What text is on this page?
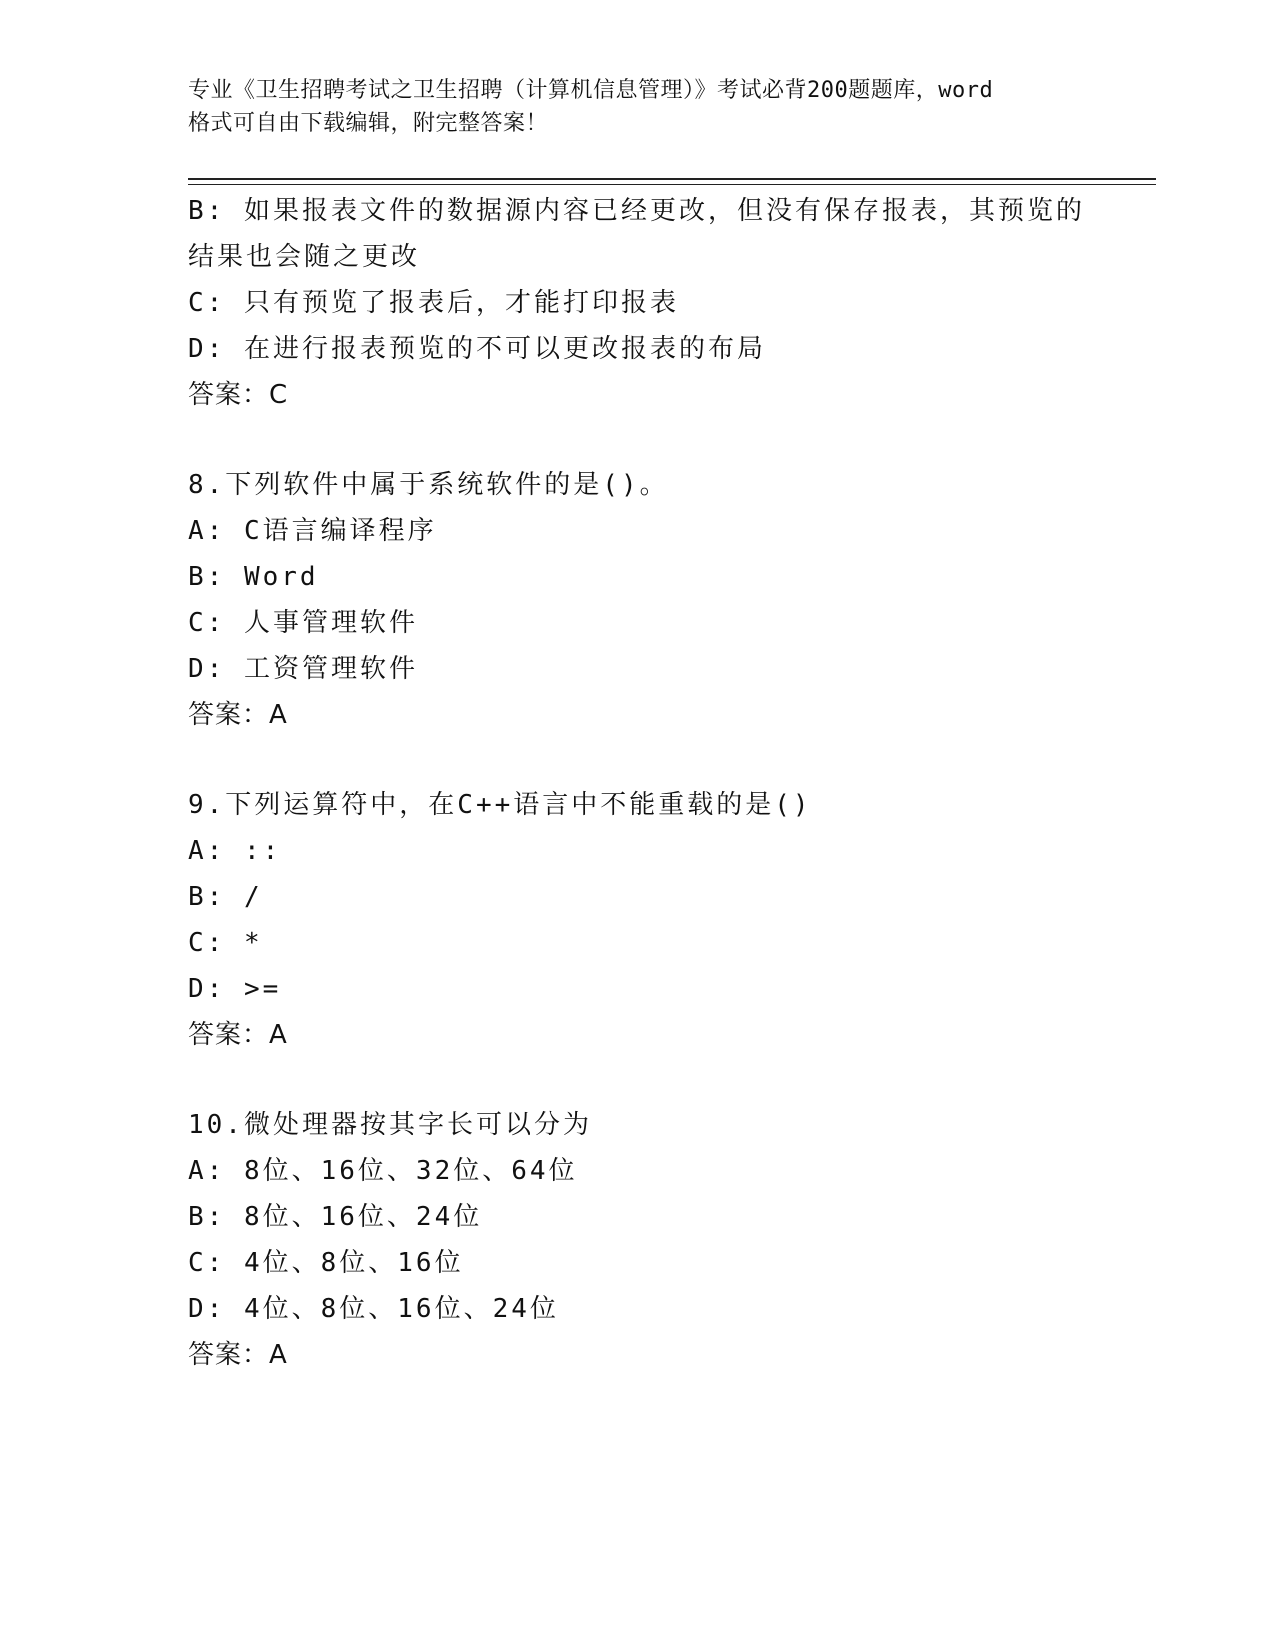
专业《卫生招聘考试之卫生招聘（计算机信息管理）》考试必背200题题库，word
格式可自由下载编辑，附完整答案！
B: 如果报表文件的数据源内容已经更改，但没有保存报表，其预览的
结果也会随之更改
C: 只有预览了报表后，才能打印报表
D: 在进行报表预览的不可以更改报表的布局
答案：C
8.下列软件中属于系统软件的是()。
A: C语言编译程序
B: Word
C: 人事管理软件
D: 工资管理软件
答案：A
9.下列运算符中，在C++语言中不能重载的是()
A: ::
B: /
C: *
D: >=
答案：A
10.微处理器按其字长可以分为
A: 8位、16位、32位、64位
B: 8位、16位、24位
C: 4位、8位、16位
D: 4位、8位、16位、24位
答案：A
